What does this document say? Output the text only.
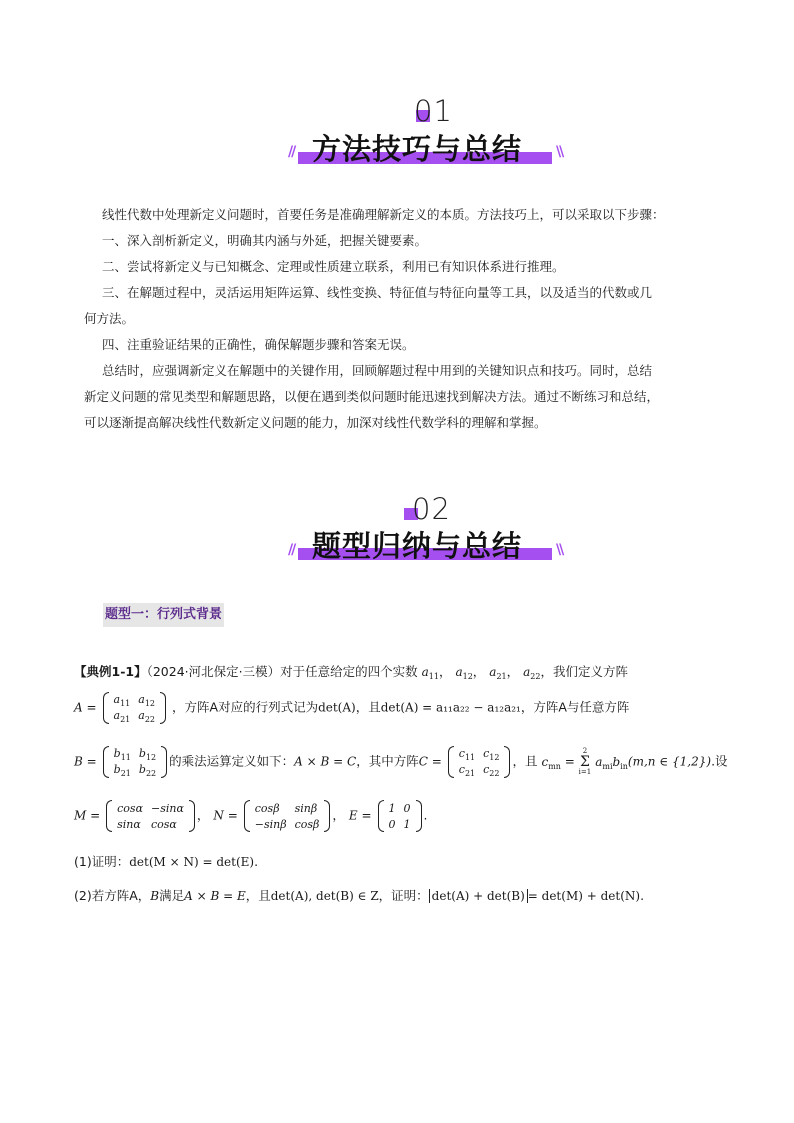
01
// 方法技巧与总结 \\
线性代数中处理新定义问题时，首要任务是准确理解新定义的本质。方法技巧上，可以采取以下步骤：
一、深入剖析新定义，明确其内涵与外延，把握关键要素。
二、尝试将新定义与已知概念、定理或性质建立联系，利用已有知识体系进行推理。
三、在解题过程中，灵活运用矩阵运算、线性变换、特征值与特征向量等工具，以及适当的代数或几
何方法。
四、注重验证结果的正确性，确保解题步骤和答案无误。
总结时，应强调新定义在解题中的关键作用，回顾解题过程中用到的关键知识点和技巧。同时，总结
新定义问题的常见类型和解题思路，以便在遇到类似问题时能迅速找到解决方法。通过不断练习和总结，
可以逐渐提高解决线性代数新定义问题的能力，加深对线性代数学科的理解和掌握。
02
// 题型归纳与总结 \\
题型一：行列式背景
【典例1-1】（2024·河北保定·三模）对于任意给定的四个实数 $a_{11}$， $a_{12}$， $a_{21}$， $a_{22}$，我们定义方阵
A =
$a_{11}$	$a_{12}$
$a_{21}$	$a_{22}$
，方阵A对应的行列式记为det(A)，且det(A) = a₁₁a₂₂ − a₁₂a₂₁，方阵A与任意方阵
B =
$b_{11}$	$b_{12}$
$b_{21}$	$b_{22}$
的乘法运算定义如下：A × B = C，其中方阵C =
$c_{11}$	$c_{12}$
$c_{21}$	$c_{22}$
，且 $c_{mn} = 2$
Σ
i=1 $a_{mi}b_{in}(m,n$ ∈ {1,2}).设
M =
cosα	−sinα
sinα	cosα
， N =
cosβ	sinβ
−sinβ	cosβ
， E =
1	0
0	1
.
(1)证明：det(M × N) = det(E).
(2)若方阵A，B满足A × B = E，且det(A), det(B) ∈ Z，证明： det(A) + det(B) = det(M) + det(N).
